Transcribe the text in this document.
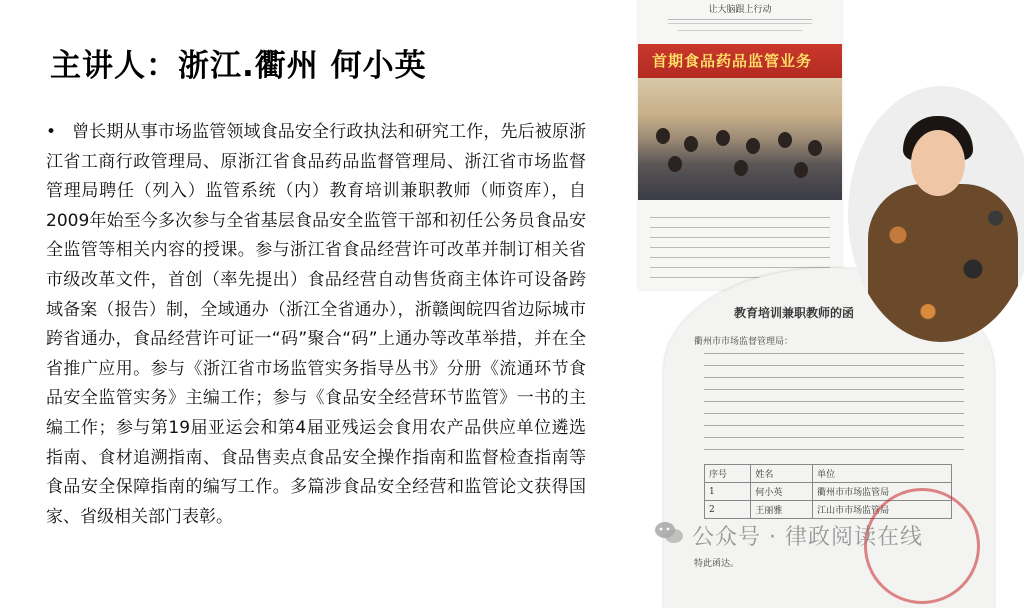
主讲人：浙江.衢州 何小英
• 曾长期从事市场监管领域食品安全行政执法和研究工作，先后被原浙江省工商行政管理局、原浙江省食品药品监督管理局、浙江省市场监督管理局聘任（列入）监管系统（内）教育培训兼职教师（师资库），自2009年始至今多次参与全省基层食品安全监管干部和初任公务员食品安全监管等相关内容的授课。参与浙江省食品经营许可改革并制订相关省市级改革文件，首创（率先提出）食品经营自动售货商主体许可设备跨域备案（报告）制，全域通办（浙江全省通办），浙赣闽皖四省边际城市跨省通办，食品经营许可证一“码”聚合“码”上通办等改革举措，并在全省推广应用。参与《浙江省市场监管实务指导丛书》分册《流通环节食品安全监管实务》主编工作；参与《食品安全经营环节监管》一书的主编工作；参与第19届亚运会和第4届亚残运会食用农产品供应单位遴选指南、食材追溯指南、食品售卖点食品安全操作指南和监督检查指南等食品安全保障指南的编写工作。多篇涉食品安全经营和监管论文获得国家、省级相关部门表彰。
让大脑跟上行动
首期食品药品监管业务
教育培训兼职教师的函
衢州市市场监督管理局：
序号	姓名	单位
1	何小英	衢州市市场监管局
2	王丽雅	江山市市场监管局
特此函达。
公众号 · 律政阅读在线
